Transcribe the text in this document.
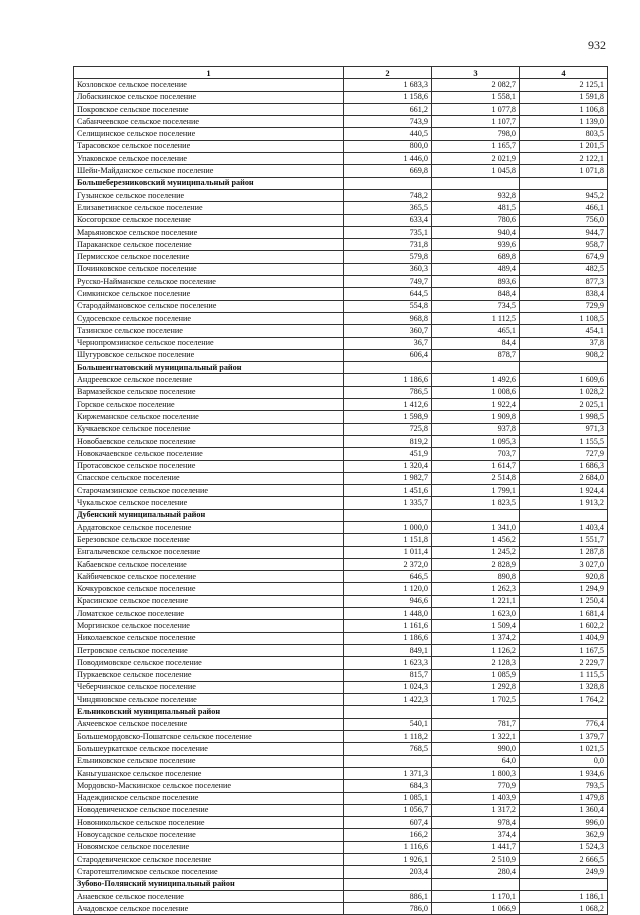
932
1	2	3	4
Козловское сельское поселение	1 683,3	2 082,7	2 125,1
Лобаскинское сельское поселение	1 158,6	1 558,1	1 591,8
Покровское сельское поселение	661,2	1 077,8	1 106,8
Сабанчеевское сельское поселение	743,9	1 107,7	1 139,0
Селищинское сельское поселение	440,5	798,0	803,5
Тарасовское сельское поселение	800,0	1 165,7	1 201,5
Упаковское сельское поселение	1 446,0	2 021,9	2 122,1
Шейн-Майданское сельское поселение	669,8	1 045,8	1 071,8
Большеберезниковский муниципальный район			
Гузынское сельское поселение	748,2	932,8	945,2
Елизаветинское сельское поселение	365,5	481,5	466,1
Косогорское сельское поселение	633,4	780,6	756,0
Марьяновское сельское поселение	735,1	940,4	944,7
Параканское сельское поселение	731,8	939,6	958,7
Пермисское сельское поселение	579,8	689,8	674,9
Починковское сельское поселение	360,3	489,4	482,5
Русско-Найманское сельское поселение	749,7	893,6	877,3
Симкинское сельское поселение	644,5	848,4	838,4
Стародаймановское сельское поселение	554,8	734,5	729,9
Судосевское сельское поселение	968,8	1 112,5	1 108,5
Тазинское сельское поселение	360,7	465,1	454,1
Чернопромзинское сельское поселение	36,7	84,4	37,8
Шугуровское сельское поселение	606,4	878,7	908,2
Большеигнатовский муниципальный район			
Андреевское сельское поселение	1 186,6	1 492,6	1 609,6
Вармазейское сельское поселение	786,5	1 008,6	1 028,2
Горское сельское поселение	1 412,6	1 922,4	2 025,1
Киржеманское сельское поселение	1 598,9	1 909,8	1 998,5
Кучкаевское сельское поселение	725,8	937,8	971,3
Новобаевское сельское поселение	819,2	1 095,3	1 155,5
Новокачаевское сельское поселение	451,9	703,7	727,9
Протасовское сельское поселение	1 320,4	1 614,7	1 686,3
Спасское сельское поселение	1 982,7	2 514,8	2 684,0
Старочамзинское сельское поселение	1 451,6	1 799,1	1 924,4
Чукальское сельское поселение	1 335,7	1 823,5	1 913,2
Дубенский муниципальный район			
Ардатовское сельское поселение	1 000,0	1 341,0	1 403,4
Березовское сельское поселение	1 151,8	1 456,2	1 551,7
Енгалычевское сельское поселение	1 011,4	1 245,2	1 287,8
Кабаевское сельское поселение	2 372,0	2 828,9	3 027,0
Кайбичевское сельское поселение	646,5	890,8	920,8
Кочкуровское сельское поселение	1 120,0	1 262,3	1 294,9
Красинское сельское поселение	946,6	1 221,1	1 250,4
Ломатское сельское поселение	1 448,0	1 623,0	1 681,4
Моргинское сельское поселение	1 161,6	1 509,4	1 602,2
Николаевское сельское поселение	1 186,6	1 374,2	1 404,9
Петровское сельское поселение	849,1	1 126,2	1 167,5
Поводимовское сельское поселение	1 623,3	2 128,3	2 229,7
Пуркаевское сельское поселение	815,7	1 085,9	1 115,5
Чеберчинское сельское поселение	1 024,3	1 292,8	1 328,8
Чиндяновское сельское поселение	1 422,3	1 702,5	1 764,2
Ельниковский муниципальный район			
Акчеевское сельское поселение	540,1	781,7	776,4
Большемордовско-Пошатское сельское поселение	1 118,2	1 322,1	1 379,7
Большеуркатское сельское поселение	768,5	990,0	1 021,5
Ельниковское сельское поселение		64,0	0,0
Каньгушанское сельское поселение	1 371,3	1 800,3	1 934,6
Мордовско-Маскинское сельское поселение	684,3	770,9	793,5
Надеждинское сельское поселение	1 085,1	1 403,9	1 479,8
Новодевиченское сельское поселение	1 056,7	1 317,2	1 360,4
Новоникольское сельское поселение	607,4	978,4	996,0
Новоусадское сельское поселение	166,2	374,4	362,9
Новоямское сельское поселение	1 116,6	1 441,7	1 524,3
Стародевиченское сельское поселение	1 926,1	2 510,9	2 666,5
Старотештелимское сельское поселение	203,4	280,4	249,9
Зубово-Полянский муниципальный район			
Анаевское сельское поселение	886,1	1 170,1	1 186,1
Ачадовское сельское поселение	786,0	1 066,9	1 068,2
